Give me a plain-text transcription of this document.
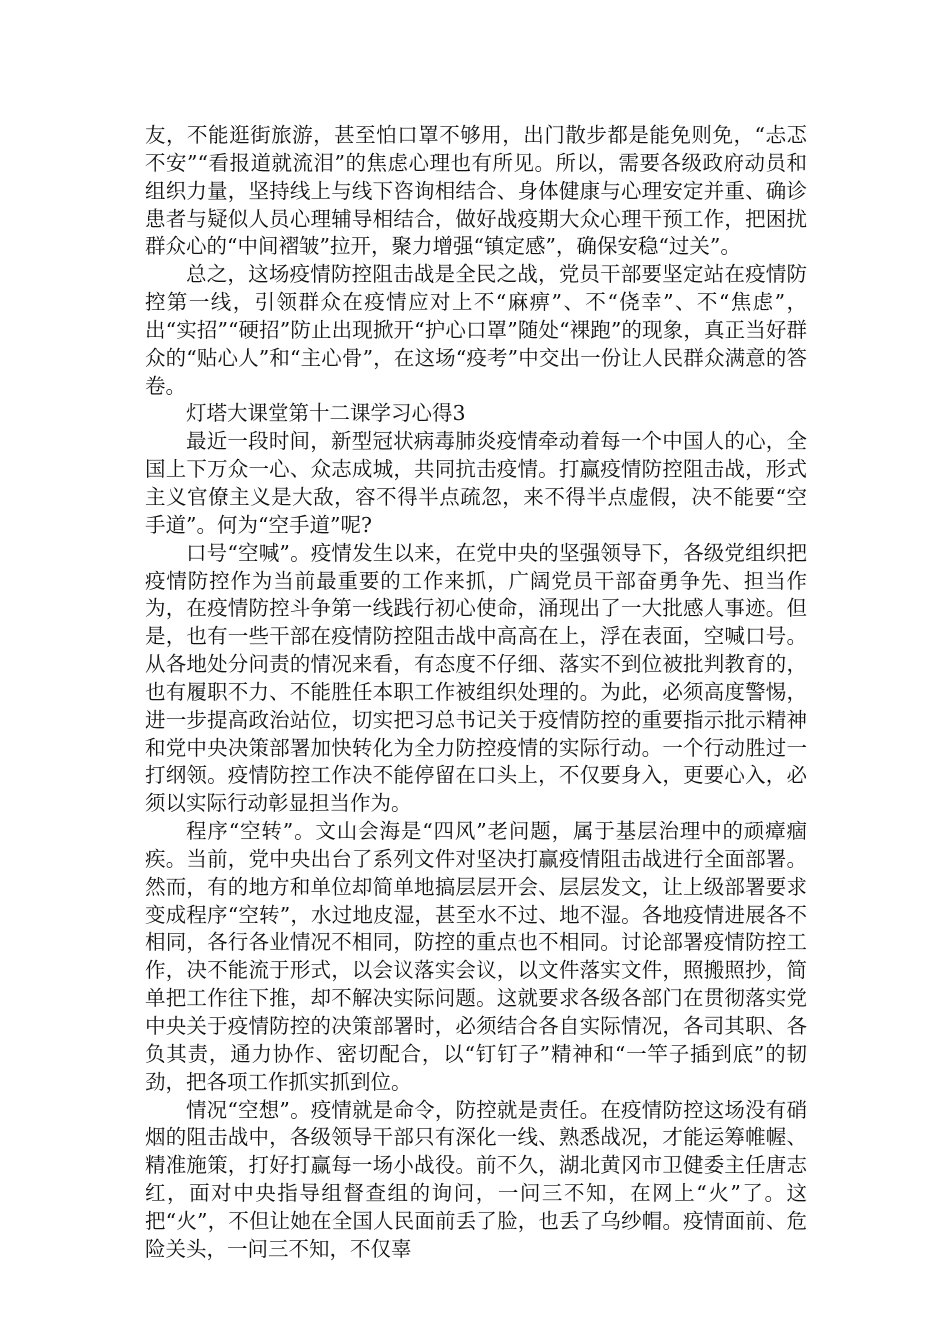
友，不能逛街旅游，甚至怕口罩不够用，出门散步都是能免则免，“忐忑不安”“看报道就流泪”的焦虑心理也有所见。所以，需要各级政府动员和组织力量，坚持线上与线下咨询相结合、身体健康与心理安定并重、确诊患者与疑似人员心理辅导相结合，做好战疫期大众心理干预工作，把困扰群众心的“中间褶皱”拉开，聚力增强“镇定感”，确保安稳“过关”。

总之，这场疫情防控阻击战是全民之战，党员干部要坚定站在疫情防控第一线，引领群众在疫情应对上不“麻痹”、不“侥幸”、不“焦虑”，出“实招”“硬招”防止出现掀开“护心口罩”随处“裸跑”的现象，真正当好群众的“贴心人”和“主心骨”，在这场“疫考”中交出一份让人民群众满意的答卷。

灯塔大课堂第十二课学习心得3

最近一段时间，新型冠状病毒肺炎疫情牵动着每一个中国人的心，全国上下万众一心、众志成城，共同抗击疫情。打赢疫情防控阻击战，形式主义官僚主义是大敌，容不得半点疏忽，来不得半点虚假，决不能要“空手道”。何为“空手道”呢?

口号“空喊”。疫情发生以来，在党中央的坚强领导下，各级党组织把疫情防控作为当前最重要的工作来抓，广阔党员干部奋勇争先、担当作为，在疫情防控斗争第一线践行初心使命，涌现出了一大批感人事迹。但是，也有一些干部在疫情防控阻击战中高高在上，浮在表面，空喊口号。从各地处分问责的情况来看，有态度不仔细、落实不到位被批判教育的，也有履职不力、不能胜任本职工作被组织处理的。为此，必须高度警惕，进一步提高政治站位，切实把习总书记关于疫情防控的重要指示批示精神和党中央决策部署加快转化为全力防控疫情的实际行动。一个行动胜过一打纲领。疫情防控工作决不能停留在口头上，不仅要身入，更要心入，必须以实际行动彰显担当作为。

程序“空转”。文山会海是“四风”老问题，属于基层治理中的顽瘴痼疾。当前，党中央出台了系列文件对坚决打赢疫情阻击战进行全面部署。然而，有的地方和单位却简单地搞层层开会、层层发文，让上级部署要求变成程序“空转”，水过地皮湿，甚至水不过、地不湿。各地疫情进展各不相同，各行各业情况不相同，防控的重点也不相同。讨论部署疫情防控工作，决不能流于形式，以会议落实会议，以文件落实文件，照搬照抄，简单把工作往下推，却不解决实际问题。这就要求各级各部门在贯彻落实党中央关于疫情防控的决策部署时，必须结合各自实际情况，各司其职、各负其责，通力协作、密切配合，以“钉钉子”精神和“一竿子插到底”的韧劲，把各项工作抓实抓到位。

情况“空想”。疫情就是命令，防控就是责任。在疫情防控这场没有硝烟的阻击战中，各级领导干部只有深化一线、熟悉战况，才能运筹帷幄、精准施策，打好打赢每一场小战役。前不久，湖北黄冈市卫健委主任唐志红，面对中央指导组督查组的询问，一问三不知，在网上“火”了。这把“火”，不但让她在全国人民面前丢了脸，也丢了乌纱帽。疫情面前、危险关头，一问三不知，不仅辜
